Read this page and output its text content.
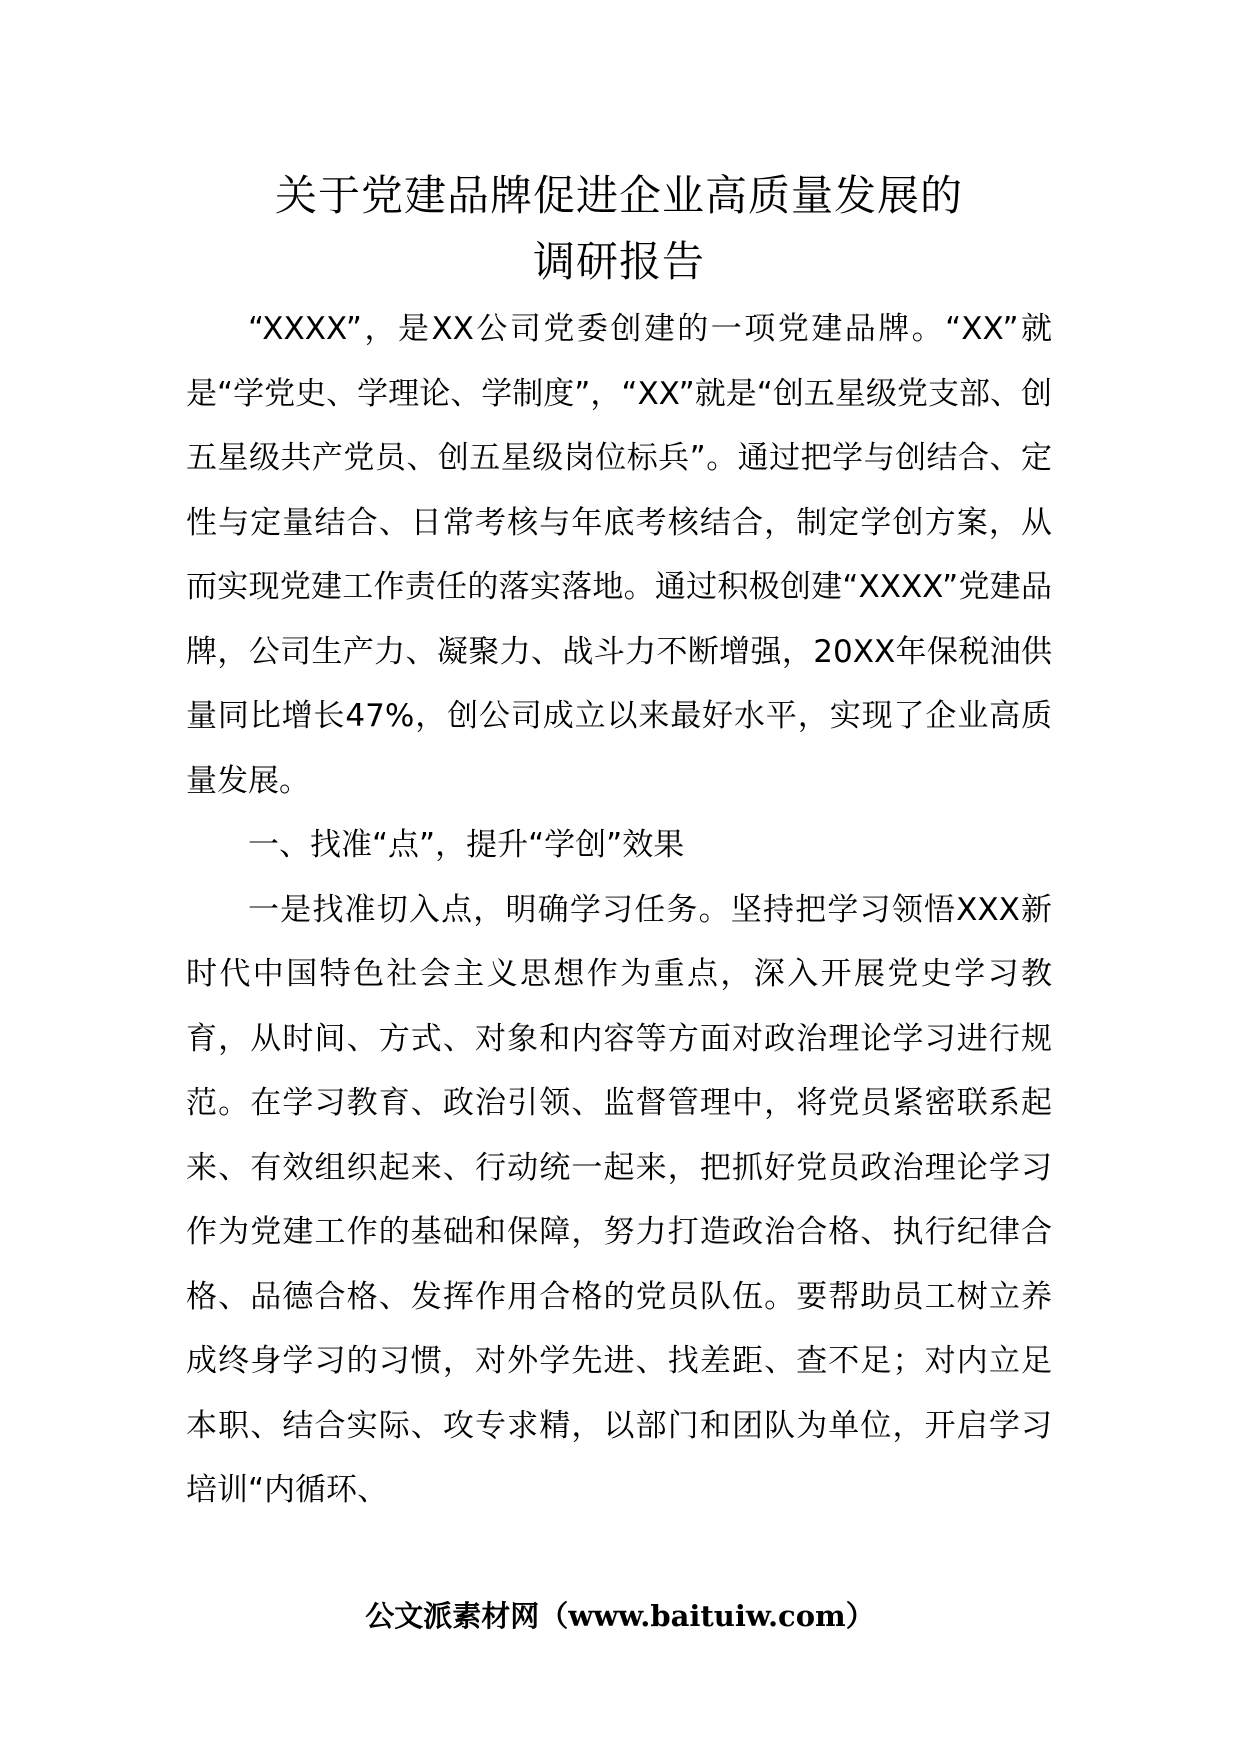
关于党建品牌促进企业高质量发展的
调研报告

“XXXX”，是XX公司党委创建的一项党建品牌。“XX”就是“学党史、学理论、学制度”，“XX”就是“创五星级党支部、创五星级共产党员、创五星级岗位标兵”。通过把学与创结合、定性与定量结合、日常考核与年底考核结合，制定学创方案，从而实现党建工作责任的落实落地。通过积极创建“XXXX”党建品牌，公司生产力、凝聚力、战斗力不断增强，20XX年保税油供量同比增长47%，创公司成立以来最好水平，实现了企业高质量发展。

一、找准“点”，提升“学创”效果

一是找准切入点，明确学习任务。坚持把学习领悟XXX新时代中国特色社会主义思想作为重点，深入开展党史学习教育，从时间、方式、对象和内容等方面对政治理论学习进行规范。在学习教育、政治引领、监督管理中，将党员紧密联系起来、有效组织起来、行动统一起来，把抓好党员政治理论学习作为党建工作的基础和保障，努力打造政治合格、执行纪律合格、品德合格、发挥作用合格的党员队伍。要帮助员工树立养成终身学习的习惯，对外学先进、找差距、查不足；对内立足本职、结合实际、攻专求精，以部门和团队为单位，开启学习培训“内循环、

公文派素材网（www.baituiw.com）
